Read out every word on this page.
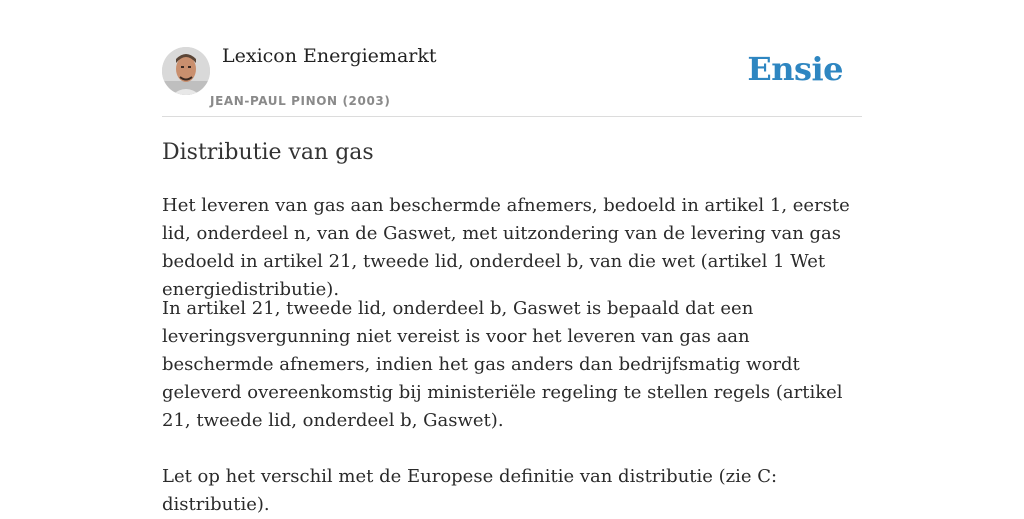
Lexicon Energiemarkt
JEAN-PAUL PINON (2003)
Ensie
Distributie van gas

Het leveren van gas aan beschermde afnemers, bedoeld in artikel 1, eerste lid, onderdeel n, van de Gaswet, met uitzondering van de levering van gas bedoeld in artikel 21, tweede lid, onderdeel b, van die wet (artikel 1 Wet energiedistributie).

In artikel 21, tweede lid, onderdeel b, Gaswet is bepaald dat een leveringsvergunning niet vereist is voor het leveren van gas aan beschermde afnemers, indien het gas anders dan bedrijfsmatig wordt geleverd overeenkomstig bij ministeriële regeling te stellen regels (artikel 21, tweede lid, onderdeel b, Gaswet).

Let op het verschil met de Europese definitie van distributie (zie C: distributie).
